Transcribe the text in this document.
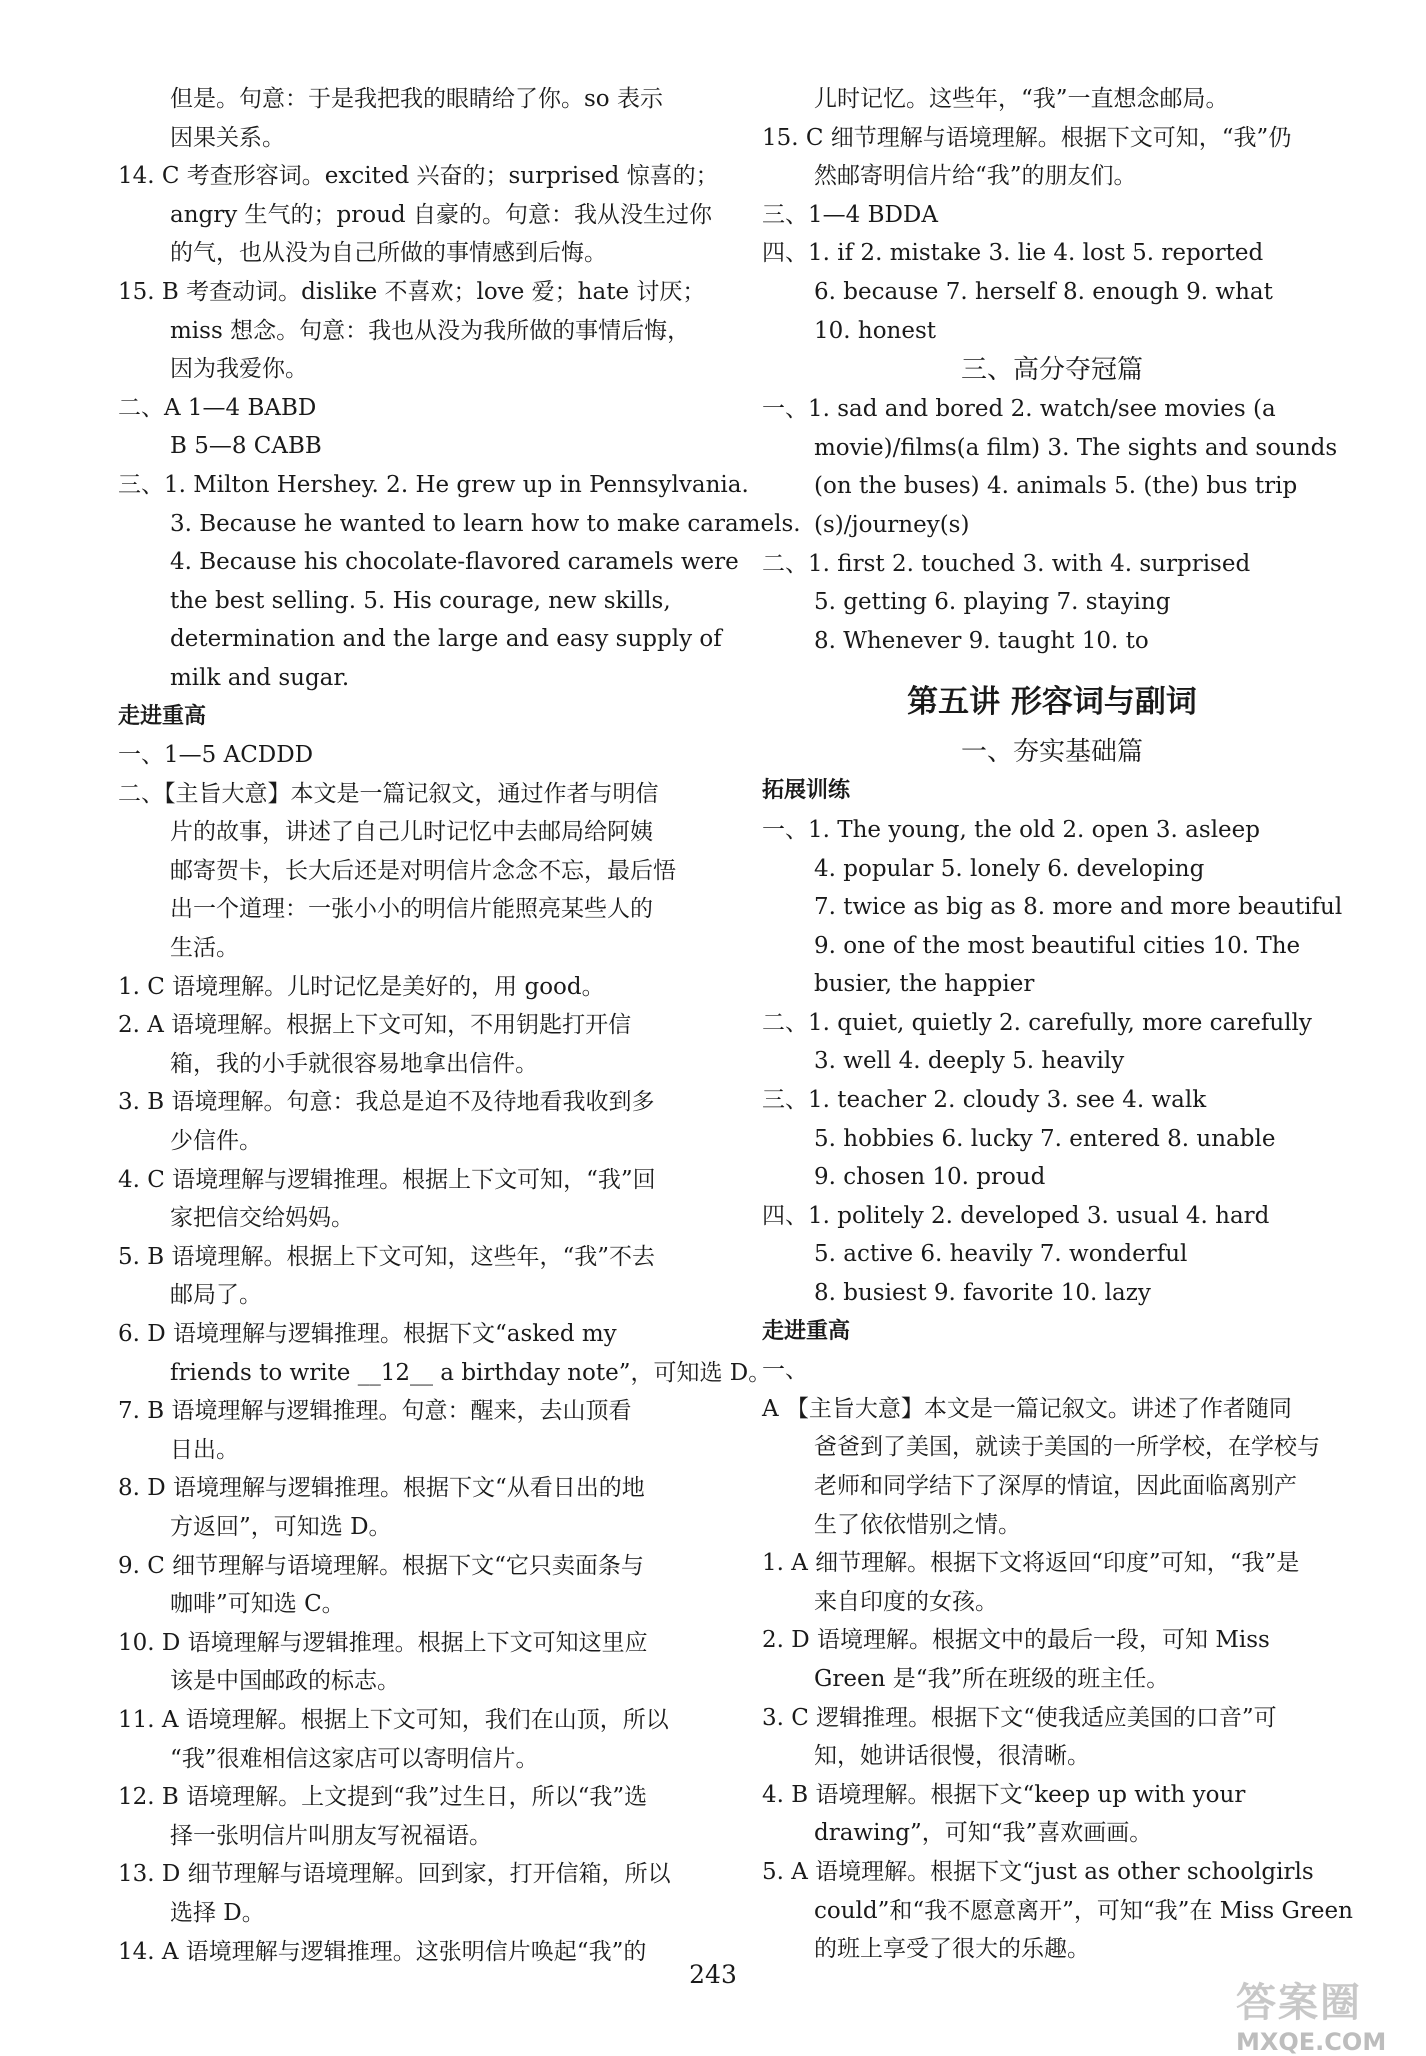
但是。句意：于是我把我的眼睛给了你。so 表示
因果关系。
14. C 考查形容词。excited 兴奋的；surprised 惊喜的；
angry 生气的；proud 自豪的。句意：我从没生过你
的气，也从没为自己所做的事情感到后悔。
15. B 考查动词。dislike 不喜欢；love 爱；hate 讨厌；
miss 想念。句意：我也从没为我所做的事情后悔，
因为我爱你。
二、A 1—4 BABD
B 5—8 CABB
三、1. Milton Hershey. 2. He grew up in Pennsylvania.
3. Because he wanted to learn how to make caramels.
4. Because his chocolate-flavored caramels were
the best selling. 5. His courage, new skills,
determination and the large and easy supply of
milk and sugar.
走进重高
一、1—5 ACDDD
二、【主旨大意】本文是一篇记叙文，通过作者与明信
片的故事，讲述了自己儿时记忆中去邮局给阿姨
邮寄贺卡，长大后还是对明信片念念不忘，最后悟
出一个道理：一张小小的明信片能照亮某些人的
生活。
1. C 语境理解。儿时记忆是美好的，用 good。
2. A 语境理解。根据上下文可知，不用钥匙打开信
箱，我的小手就很容易地拿出信件。
3. B 语境理解。句意：我总是迫不及待地看我收到多
少信件。
4. C 语境理解与逻辑推理。根据上下文可知，“我”回
家把信交给妈妈。
5. B 语境理解。根据上下文可知，这些年，“我”不去
邮局了。
6. D 语境理解与逻辑推理。根据下文“asked my
friends to write __12__ a birthday note”，可知选 D。
7. B 语境理解与逻辑推理。句意：醒来，去山顶看
日出。
8. D 语境理解与逻辑推理。根据下文“从看日出的地
方返回”，可知选 D。
9. C 细节理解与语境理解。根据下文“它只卖面条与
咖啡”可知选 C。
10. D 语境理解与逻辑推理。根据上下文可知这里应
该是中国邮政的标志。
11. A 语境理解。根据上下文可知，我们在山顶，所以
“我”很难相信这家店可以寄明信片。
12. B 语境理解。上文提到“我”过生日，所以“我”选
择一张明信片叫朋友写祝福语。
13. D 细节理解与语境理解。回到家，打开信箱，所以
选择 D。
14. A 语境理解与逻辑推理。这张明信片唤起“我”的
儿时记忆。这些年，“我”一直想念邮局。
15. C 细节理解与语境理解。根据下文可知，“我”仍
然邮寄明信片给“我”的朋友们。
三、1—4 BDDA
四、1. if 2. mistake 3. lie 4. lost 5. reported
6. because 7. herself 8. enough 9. what
10. honest
三、高分夺冠篇
一、1. sad and bored 2. watch/see movies (a
movie)/films(a film) 3. The sights and sounds
(on the buses) 4. animals 5. (the) bus trip
(s)/journey(s)
二、1. first 2. touched 3. with 4. surprised
5. getting 6. playing 7. staying
8. Whenever 9. taught 10. to
第五讲 形容词与副词
一、夯实基础篇
拓展训练
一、1. The young, the old 2. open 3. asleep
4. popular 5. lonely 6. developing
7. twice as big as 8. more and more beautiful
9. one of the most beautiful cities 10. The
busier, the happier
二、1. quiet, quietly 2. carefully, more carefully
3. well 4. deeply 5. heavily
三、1. teacher 2. cloudy 3. see 4. walk
5. hobbies 6. lucky 7. entered 8. unable
9. chosen 10. proud
四、1. politely 2. developed 3. usual 4. hard
5. active 6. heavily 7. wonderful
8. busiest 9. favorite 10. lazy
走进重高
一、
A 【主旨大意】本文是一篇记叙文。讲述了作者随同
爸爸到了美国，就读于美国的一所学校，在学校与
老师和同学结下了深厚的情谊，因此面临离别产
生了依依惜别之情。
1. A 细节理解。根据下文将返回“印度”可知，“我”是
来自印度的女孩。
2. D 语境理解。根据文中的最后一段，可知 Miss
Green 是“我”所在班级的班主任。
3. C 逻辑推理。根据下文“使我适应美国的口音”可
知，她讲话很慢，很清晰。
4. B 语境理解。根据下文“keep up with your
drawing”，可知“我”喜欢画画。
5. A 语境理解。根据下文“just as other schoolgirls
could”和“我不愿意离开”，可知“我”在 Miss Green
的班上享受了很大的乐趣。
243
答案圈
MXQE.COM
